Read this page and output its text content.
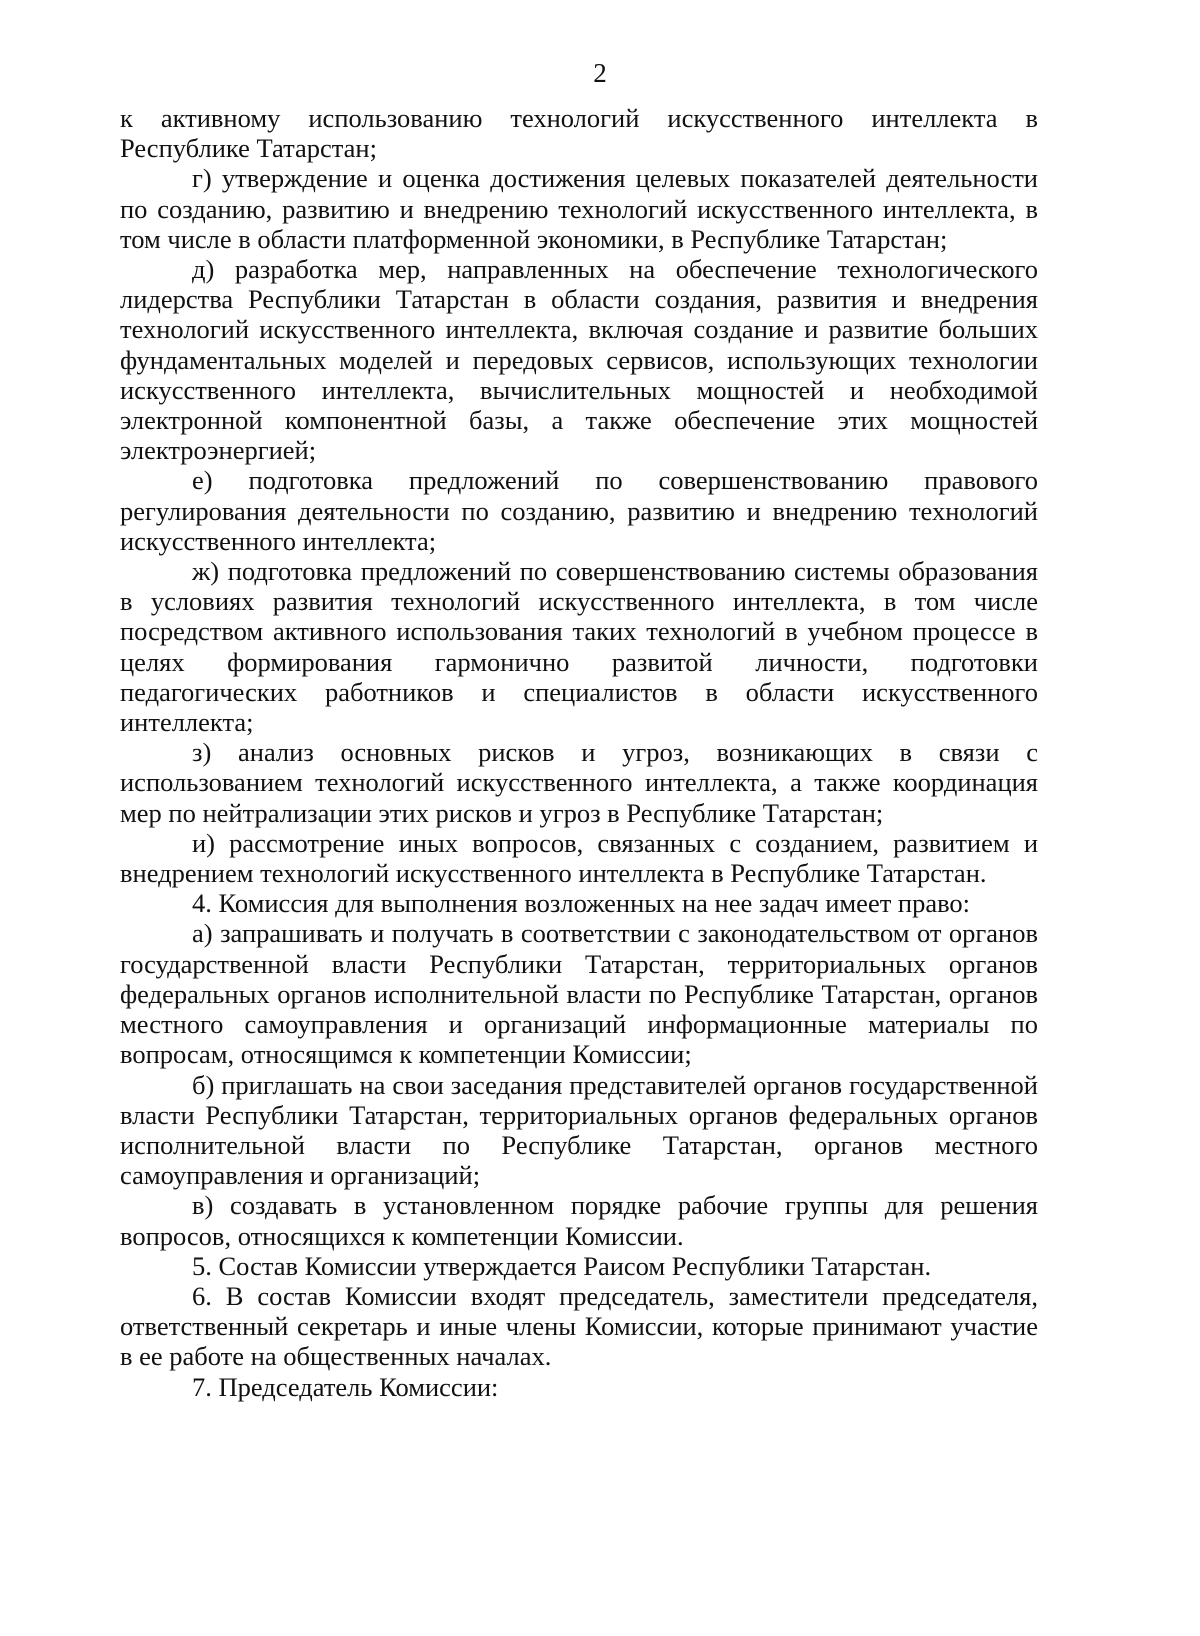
2

к активному использованию технологий искусственного интеллекта в Республике Татарстан;

г) утверждение и оценка достижения целевых показателей деятельности по созданию, развитию и внедрению технологий искусственного интеллекта, в том числе в области платформенной экономики, в Республике Татарстан;

д) разработка мер, направленных на обеспечение технологического лидерства Республики Татарстан в области создания, развития и внедрения технологий искусственного интеллекта, включая создание и развитие больших фундаментальных моделей и передовых сервисов, использующих технологии искусственного интеллекта, вычислительных мощностей и необходимой электронной компонентной базы, а также обеспечение этих мощностей электроэнергией;

е) подготовка предложений по совершенствованию правового регулирования деятельности по созданию, развитию и внедрению технологий искусственного интеллекта;

ж) подготовка предложений по совершенствованию системы образования в условиях развития технологий искусственного интеллекта, в том числе посредством активного использования таких технологий в учебном процессе в целях формирования гармонично развитой личности, подготовки педагогических работников и специалистов в области искусственного интеллекта;

з) анализ основных рисков и угроз, возникающих в связи с использованием технологий искусственного интеллекта, а также координация мер по нейтрализации этих рисков и угроз в Республике Татарстан;

и) рассмотрение иных вопросов, связанных с созданием, развитием и внедрением технологий искусственного интеллекта в Республике Татарстан.

4. Комиссия для выполнения возложенных на нее задач имеет право:

а) запрашивать и получать в соответствии с законодательством от органов государственной власти Республики Татарстан, территориальных органов федеральных органов исполнительной власти по Республике Татарстан, органов местного самоуправления и организаций информационные материалы по вопросам, относящимся к компетенции Комиссии;

б) приглашать на свои заседания представителей органов государственной власти Республики Татарстан, территориальных органов федеральных органов исполнительной власти по Республике Татарстан, органов местного самоуправления и организаций;

в) создавать в установленном порядке рабочие группы для решения вопросов, относящихся к компетенции Комиссии.

5. Состав Комиссии утверждается Раисом Республики Татарстан.

6. В состав Комиссии входят председатель, заместители председателя, ответственный секретарь и иные члены Комиссии, которые принимают участие в ее работе на общественных началах.

7. Председатель Комиссии:
